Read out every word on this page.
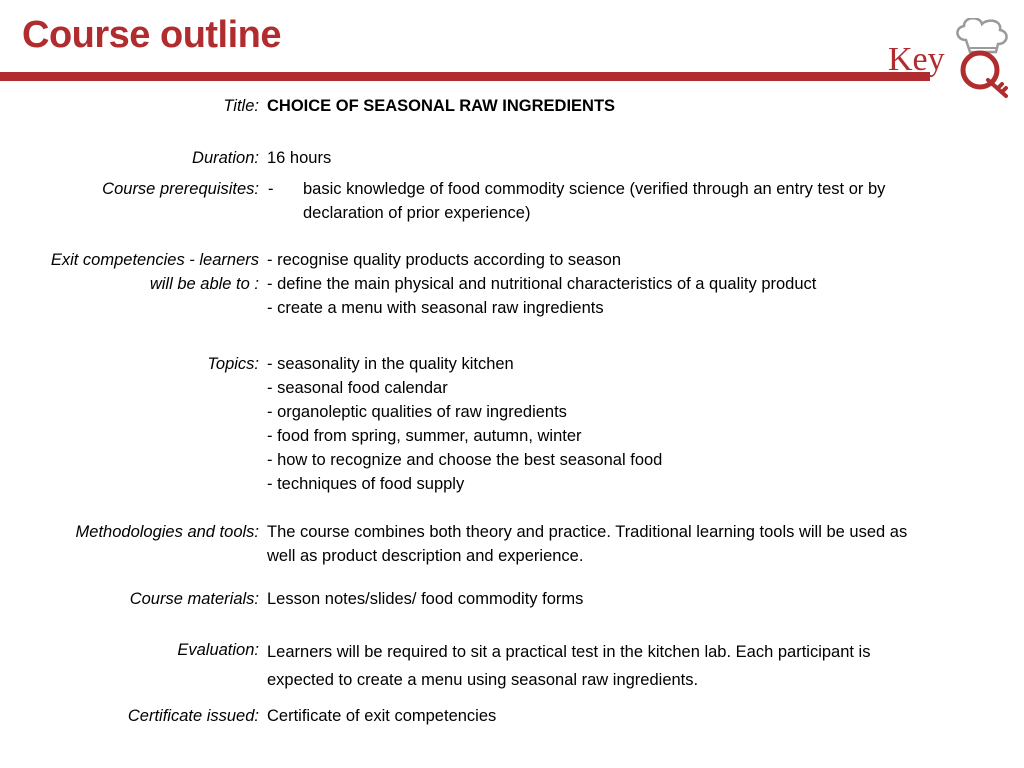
Course outline
Key
Title: CHOICE OF SEASONAL RAW INGREDIENTS
Duration: 16 hours
Course prerequisites: - basic knowledge of food commodity science (verified through an entry test or by declaration of prior experience)
Exit competencies - learners
will be able to :
- recognise quality products according to season
- define the main physical and nutritional characteristics of a quality product
- create a menu with seasonal raw ingredients
Topics: - seasonality in the quality kitchen
- seasonal food calendar
- organoleptic qualities of raw ingredients
- food from spring, summer, autumn, winter
- how to recognize and choose the best seasonal food
- techniques of food supply
Methodologies and tools: The course combines both theory and practice. Traditional learning tools will be used as well as product description and experience.
Course materials: Lesson notes/slides/ food commodity forms
Evaluation: Learners will be required to sit a practical test in the kitchen lab. Each participant is expected to create a menu using seasonal raw ingredients.
Certificate issued: Certificate of exit competencies
